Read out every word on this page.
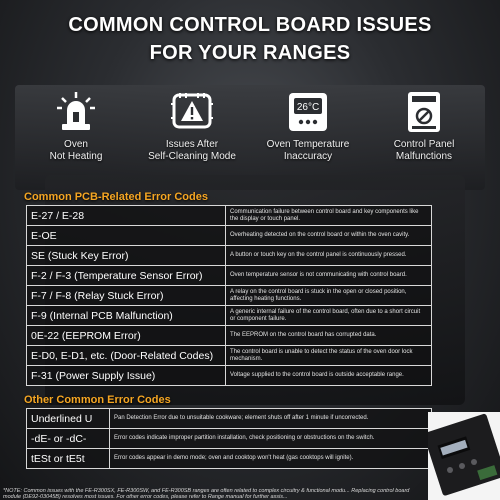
COMMON CONTROL BOARD ISSUES
FOR YOUR RANGES
Oven
Not Heating
Issues After
Self-Cleaning Mode
26°C
Oven Temperature
Inaccuracy
Control Panel
Malfunctions
Common PCB-Related Error Codes
E-27 / E-28	Communication failure between control board and key components like the display or touch panel.
E-OE	Overheating detected on the control board or within the oven cavity.
SE (Stuck Key Error)	A button or touch key on the control panel is continuously pressed.
F-2 / F-3 (Temperature Sensor Error)	Oven temperature sensor is not communicating with control board.
F-7 / F-8 (Relay Stuck Error)	A relay on the control board is stuck in the open or closed position, affecting heating functions.
F-9 (Internal PCB Malfunction)	A generic internal failure of the control board, often due to a short circuit or component failure.
0E-22 (EEPROM Error)	The EEPROM on the control board has corrupted data.
E-D0, E-D1, etc. (Door-Related Codes)	The control board is unable to detect the status of the oven door lock mechanism.
F-31 (Power Supply Issue)	Voltage supplied to the control board is outside acceptable range.
Other Common Error Codes
Underlined U	Pan Detection Error due to unsuitable cookware; element shuts off after 1 minute if uncorrected.
-dE- or -dC-	Error codes indicate improper partition installation, check positioning or obstructions on the switch.
tESt or tE5t	Error codes appear in demo mode; oven and cooktop won't heat (gas cooktops will ignite).
*NOTE: Common issues with the FE-R300SX, FE-R300SW, and FE-R300SB ranges are often related to complex circuitry & functional modu... Replacing control board module (DE92-03045B) resolves most issues. For other error codes, please refer to Range manual for further assis...
